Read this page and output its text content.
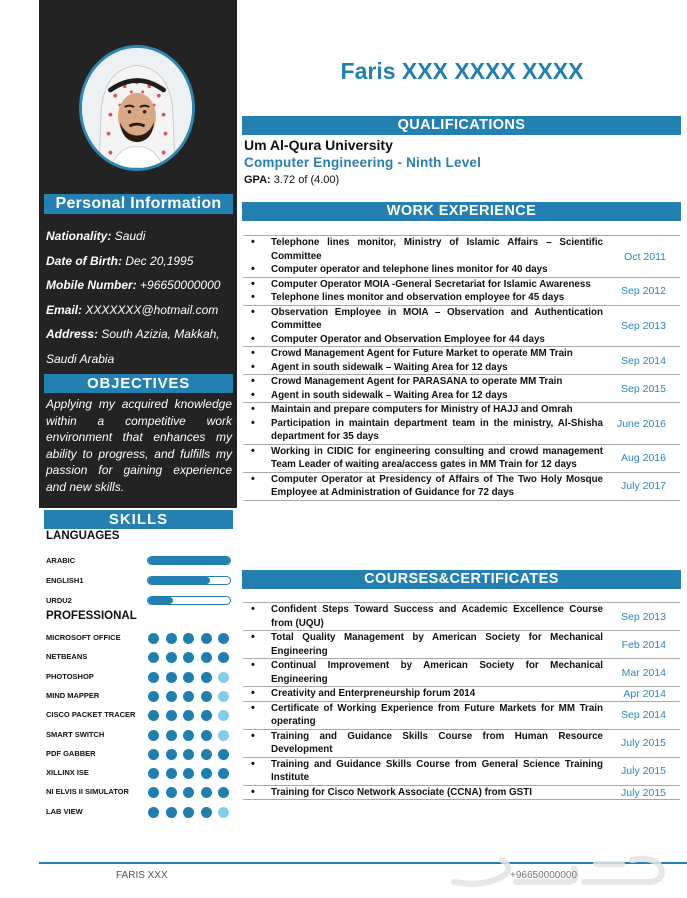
Personal Information
Nationality: Saudi
Date of Birth: Dec 20,1995
Mobile Number: +96650000000
Email: XXXXXXX@hotmail.com
Address: South Azizia, Makkah, Saudi Arabia
OBJECTIVES
Applying my acquired knowledge within a competitive work environment that enhances my ability to progress, and fulfills my passion for gaining experience and new skills.
SKILLS
LANGUAGES
ARABIC
ENGLISH1
URDU2
PROFESSIONAL
MICROSOFT OFFICE
NETBEANS
PHOTOSHOP
MIND MAPPER
CISCO PACKET TRACER
SMART SWITCH
PDF GABBER
XILLINX ISE
NI ELVIS II SIMULATOR
LAB VIEW
Faris XXX XXXX XXXX
QUALIFICATIONS
Um Al-Qura University
Computer Engineering - Ninth Level
GPA: 3.72 of (4.00)
WORK EXPERIENCE
• Telephone lines monitor, Ministry of Islamic Affairs – Scientific Committee
• Computer operator and telephone lines monitor for 40 days
Oct 2011
• Computer Operator MOIA -General Secretariat for Islamic Awareness
• Telephone lines monitor and observation employee for 45 days
Sep 2012
• Observation Employee in MOIA – Observation and Authentication Committee
• Computer Operator and Observation Employee for 44 days
Sep 2013
• Crowd Management Agent for Future Market to operate MM Train
• Agent in south sidewalk – Waiting Area for 12 days
Sep 2014
• Crowd Management Agent for PARASANA to operate MM Train
• Agent in south sidewalk – Waiting Area for 12 days
Sep 2015
• Maintain and prepare computers for Ministry of HAJJ and Omrah
• Participation in maintain department team in the ministry, Al-Shisha department for 35 days
June 2016
• Working in CIDIC for engineering consulting and crowd management Team Leader of waiting area/access gates in MM Train for 12 days
Aug 2016
• Computer Operator at Presidency of Affairs of The Two Holy Mosque Employee at Administration of Guidance for 72 days
July 2017
COURSES&CERTIFICATES
• Confident Steps Toward Success and Academic Excellence Course from (UQU)
Sep 2013
• Total Quality Management by American Society for Mechanical Engineering
Feb 2014
• Continual Improvement by American Society for Mechanical Engineering
Mar 2014
• Creativity and Enterpreneurship forum 2014	Apr 2014
• Certificate of Working Experience from Future Markets for MM Train operating
Sep 2014
• Training and Guidance Skills Course from Human Resource Development
July 2015
• Training and Guidance Skills Course from General Science Training Institute
July 2015
• Training for Cisco Network Associate (CCNA) from GSTI	July 2015
FARIS XXX	+96650000000
